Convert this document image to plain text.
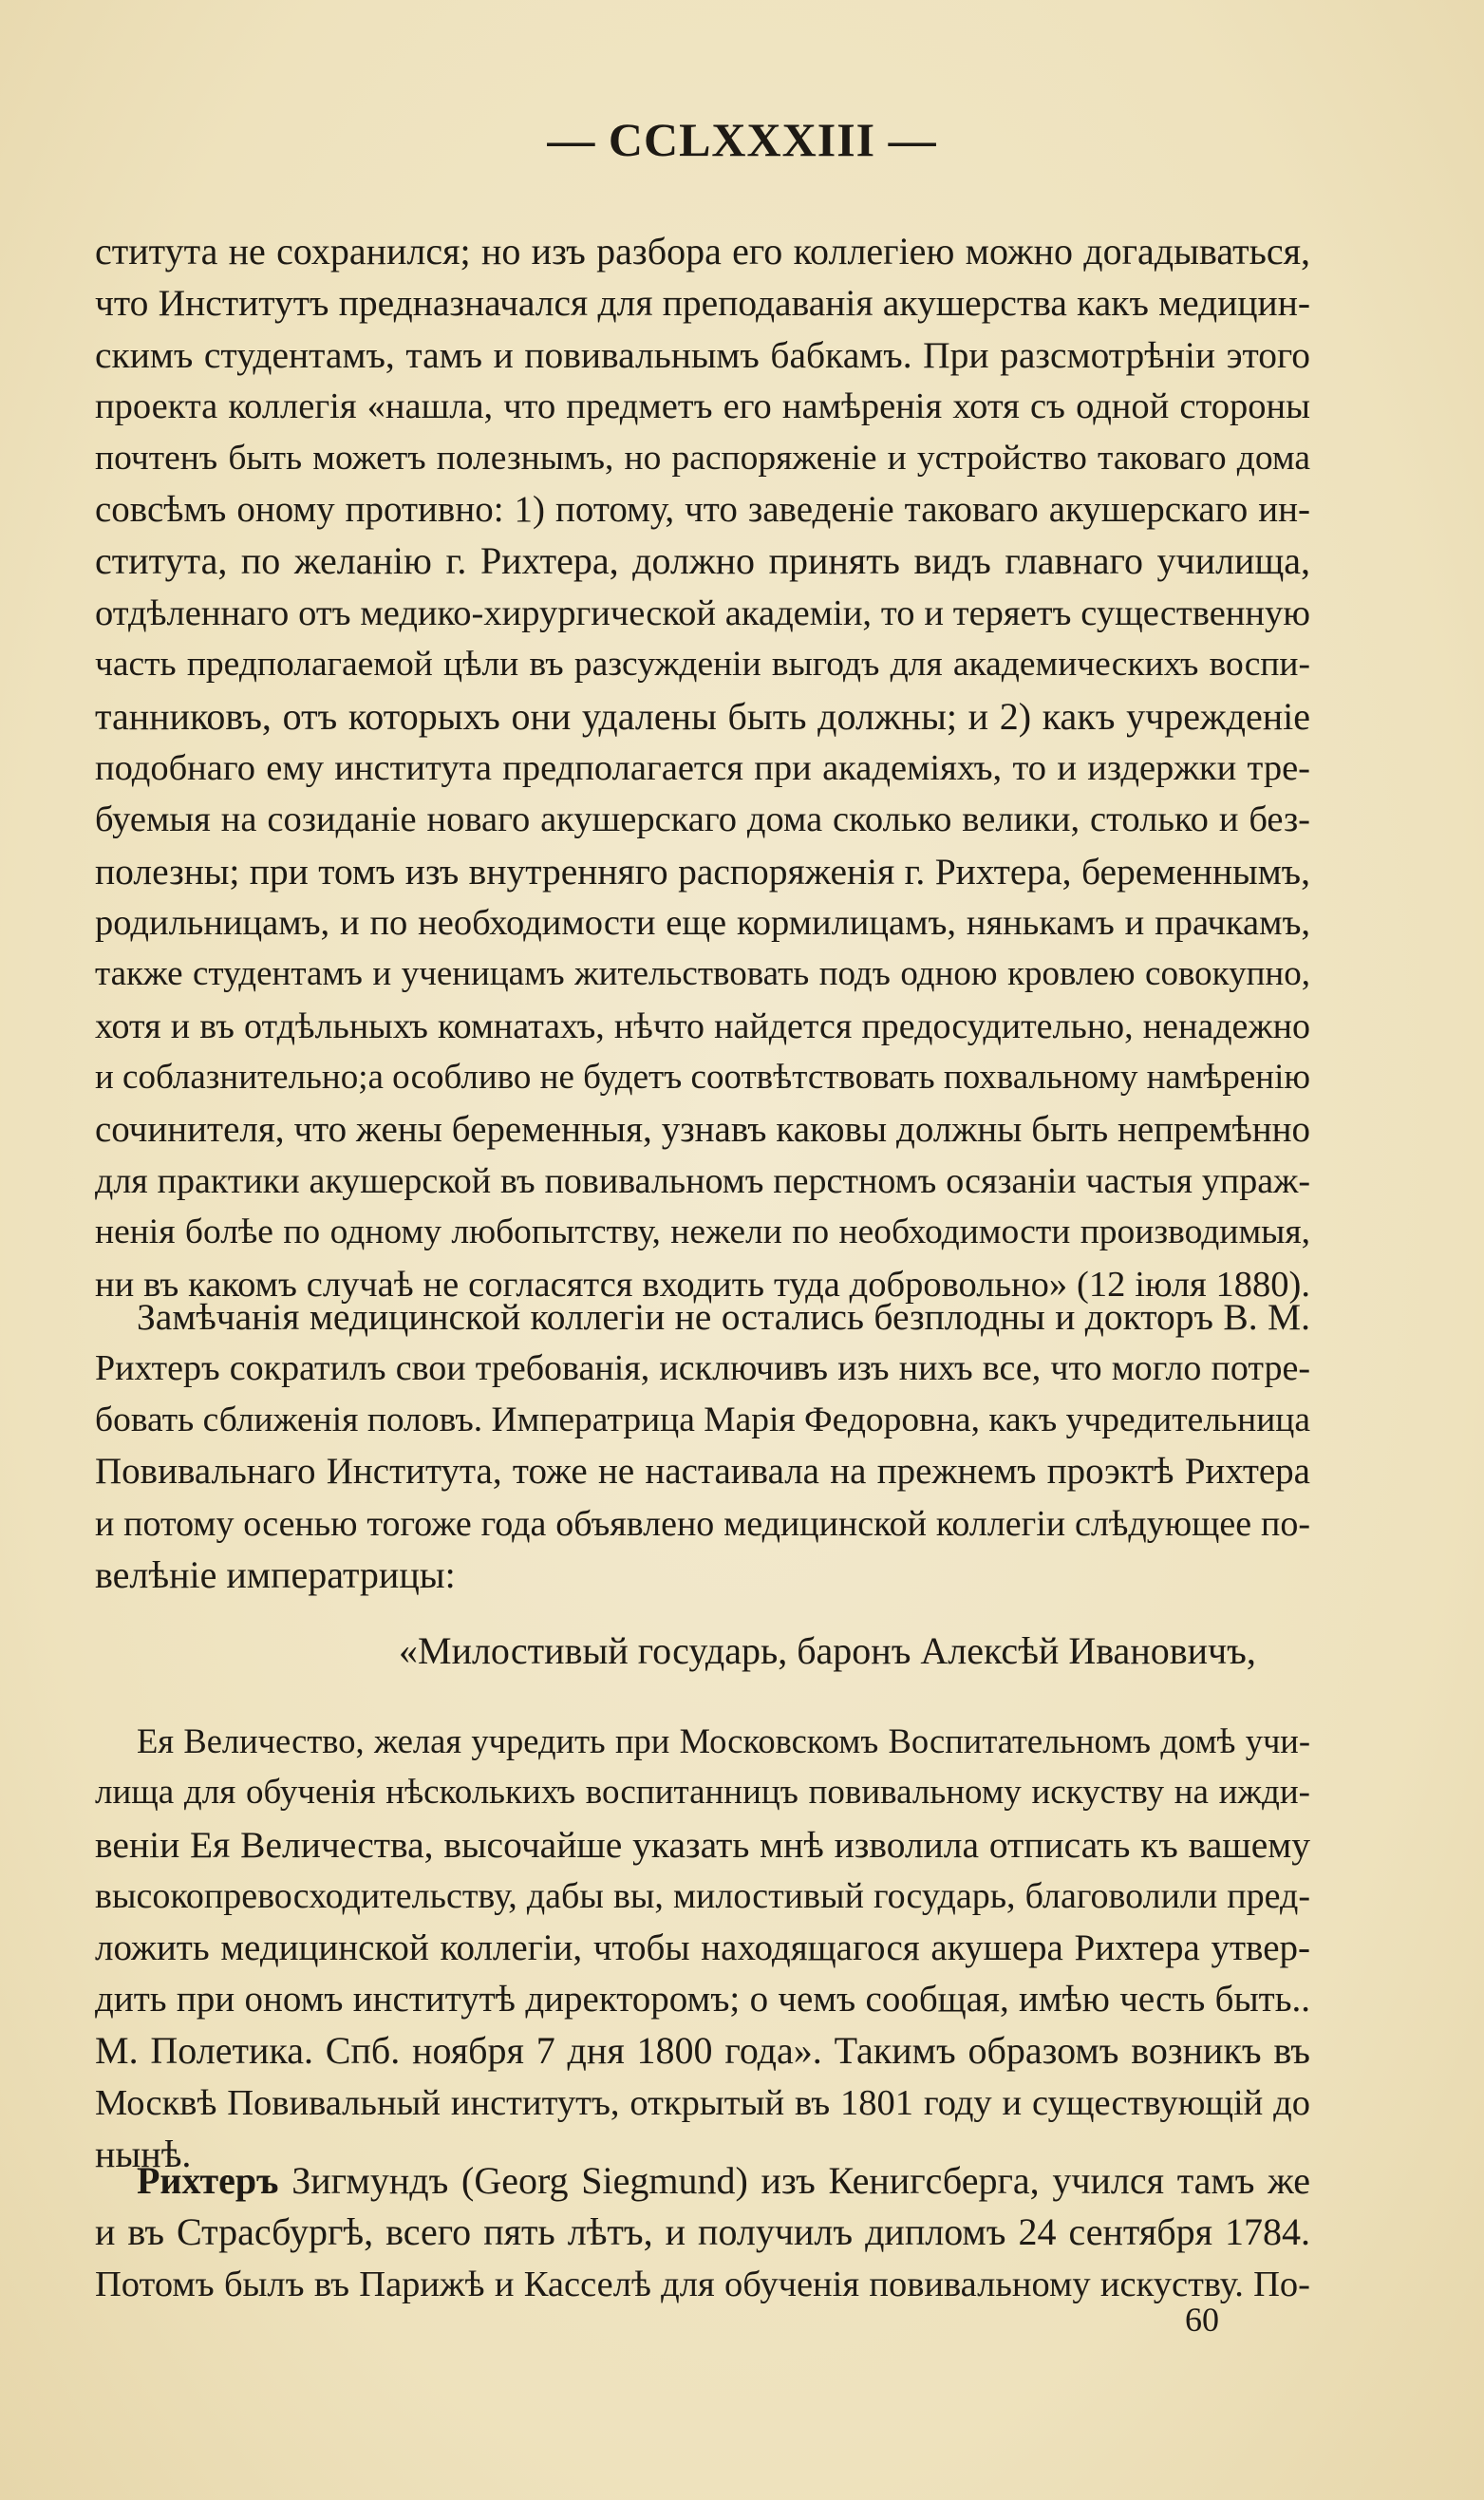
— CCLXXXIII —
ститута не сохранился; но изъ разбора его коллегіею можно догадываться,
что Институтъ предназначался для преподаванія акушерства какъ медицин-
скимъ студентамъ, тамъ и повивальнымъ бабкамъ. При разсмотрѣніи этого
проекта коллегія «нашла, что предметъ его намѣренія хотя съ одной стороны
почтенъ быть можетъ полезнымъ, но распоряженіе и устройство таковаго дома
совсѣмъ оному противно: 1) потому, что заведеніе таковаго акушерскаго ин-
ститута, по желанію г. Рихтера, должно принять видъ главнаго училища,
отдѣленнаго отъ медико-хирургической академіи, то и теряетъ существенную
часть предполагаемой цѣли въ разсужденіи выгодъ для академическихъ воспи-
танниковъ, отъ которыхъ они удалены быть должны; и 2) какъ учрежденіе
подобнаго ему института предполагается при академіяхъ, то и издержки тре-
буемыя на созиданіе новаго акушерскаго дома сколько велики, столько и без-
полезны; при томъ изъ внутренняго распоряженія г. Рихтера, беременнымъ,
родильницамъ, и по необходимости еще кормилицамъ, нянькамъ и прачкамъ,
также студентамъ и ученицамъ жительствовать подъ одною кровлею совокупно,
хотя и въ отдѣльныхъ комнатахъ, нѣчто найдется предосудительно, ненадежно
и соблазнительно;а особливо не будетъ соотвѣтствовать похвальному намѣренію
сочинителя, что жены беременныя, узнавъ каковы должны быть непремѣнно
для практики акушерской въ повивальномъ перстномъ осязаніи частыя упраж-
ненія болѣе по одному любопытству, нежели по необходимости производимыя,
ни въ какомъ случаѣ не согласятся входить туда добровольно» (12 іюля 1880).
Замѣчанія медицинской коллегіи не остались безплодны и докторъ В. М.
Рихтеръ сократилъ свои требованія, исключивъ изъ нихъ все, что могло потре-
бовать сближенія половъ. Императрица Марія Федоровна, какъ учредительница
Повивальнаго Института, тоже не настаивала на прежнемъ проэктѣ Рихтера
и потому осенью тогоже года объявлено медицинской коллегіи слѣдующее по-
велѣніе императрицы:
«Милостивый государь, баронъ Алексѣй Ивановичъ,
Ея Величество, желая учредить при Московскомъ Воспитательномъ домѣ учи-
лища для обученія нѣсколькихъ воспитанницъ повивальному искуству на ижди-
веніи Ея Величества, высочайше указать мнѣ изволила отписать къ вашему
высокопревосходительству, дабы вы, милостивый государь, благоволили пред-
ложить медицинской коллегіи, чтобы находящагося акушера Рихтера утвер-
дить при ономъ институтѣ директоромъ; о чемъ сообщая, имѣю честь быть..
М. Полетика. Спб. ноября 7 дня 1800 года». Такимъ образомъ возникъ въ
Москвѣ Повивальный институтъ, открытый въ 1801 году и существующій до
нынѣ.
Рихтеръ Зигмундъ (Georg Siegmund) изъ Кенигсберга, учился тамъ же
и въ Страсбургѣ, всего пять лѣтъ, и получилъ дипломъ 24 сентября 1784.
Потомъ былъ въ Парижѣ и Касселѣ для обученія повивальному искуству. По-
60
